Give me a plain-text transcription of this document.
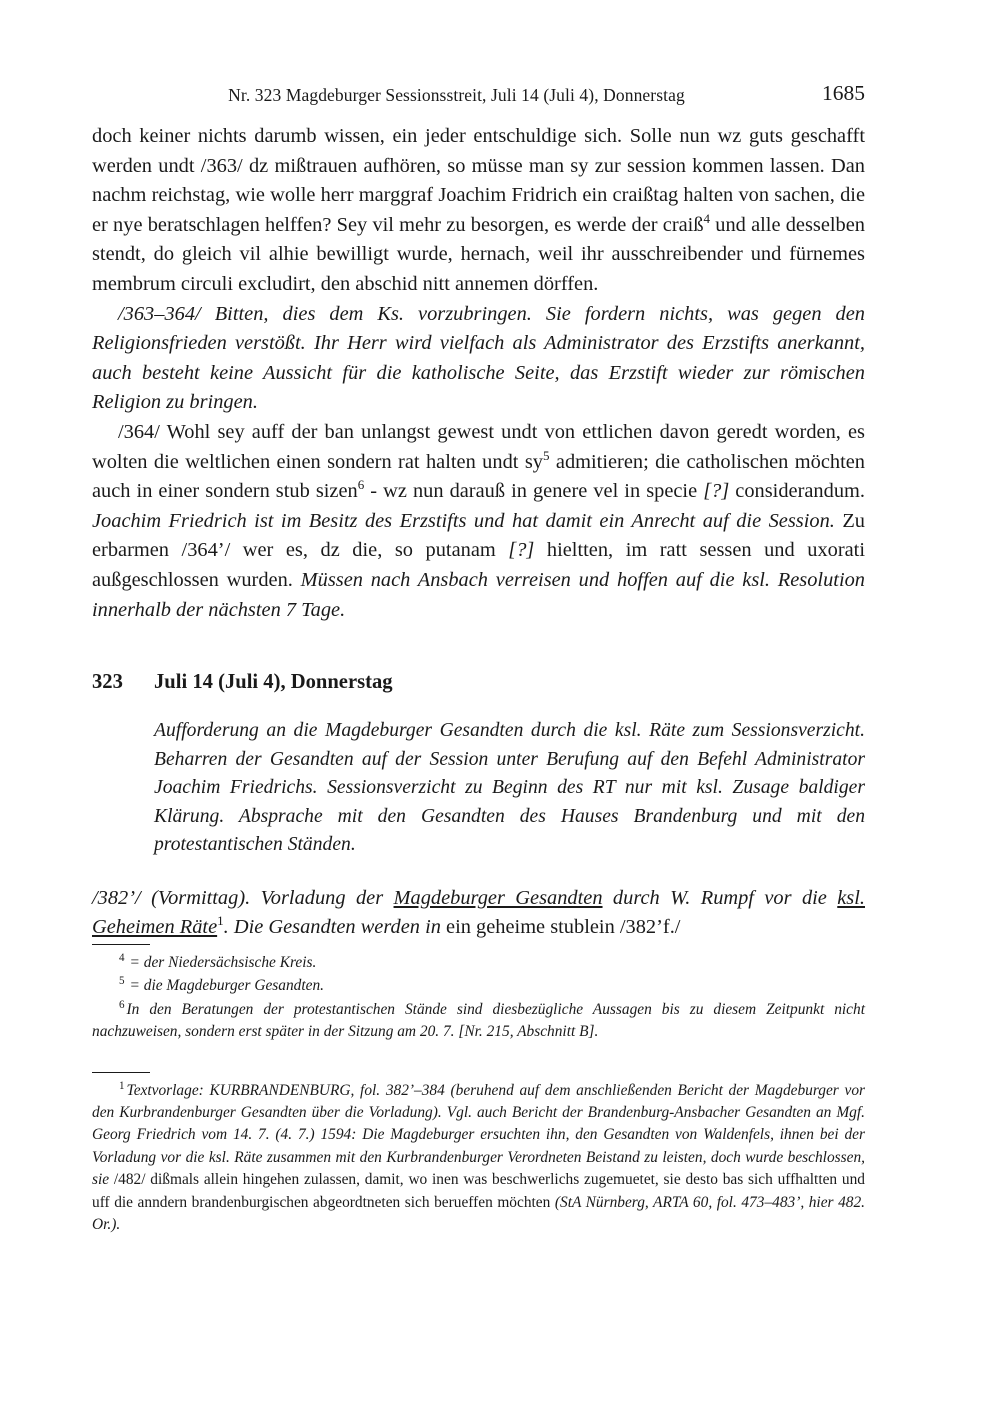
Nr. 323 Magdeburger Sessionsstreit, Juli 14 (Juli 4), Donnerstag	1685

doch keiner nichts darumb wissen, ein jeder entschuldige sich. Solle nun wz guts geschafft werden undt /363/ dz mißtrauen aufhören, so müsse man sy zur session kommen lassen. Dan nachm reichstag, wie wolle herr marggraf Joachim Fridrich ein craißtag halten von sachen, die er nye beratschlagen helffen? Sey vil mehr zu besorgen, es werde der craiß$^4$ und alle desselben stendt, do gleich vil alhie bewilligt wurde, hernach, weil ihr ausschreibender und fürnemes membrum circuli excludirt, den abschid nitt annemen dörffen.

/363–364/ Bitten, dies dem Ks. vorzubringen. Sie fordern nichts, was gegen den Religionsfrieden verstößt. Ihr Herr wird vielfach als Administrator des Erzstifts anerkannt, auch besteht keine Aussicht für die katholische Seite, das Erzstift wieder zur römischen Religion zu bringen.

/364/ Wohl sey auff der ban unlangst gewest undt von ettlichen davon geredt worden, es wolten die weltlichen einen sondern rat halten undt $sy^5$ admitieren; die catholischen möchten auch in einer sondern stub sizen$^6$ - wz nun darauß in genere vel in specie [?] considerandum. Joachim Friedrich ist im Besitz des Erzstifts und hat damit ein Anrecht auf die Session. Zu erbarmen /364’/ wer es, dz die, so putanam [?] hieltten, im ratt sessen und uxorati außgeschlossen wurden. Müssen nach Ansbach verreisen und hoffen auf die ksl. Resolution innerhalb der nächsten 7 Tage.

323	Juli 14 (Juli 4), Donnerstag
Aufforderung an die Magdeburger Gesandten durch die ksl. Räte zum Sessionsverzicht. Beharren der Gesandten auf der Session unter Berufung auf den Befehl Administrator Joachim Friedrichs. Sessionsverzicht zu Beginn des RT nur mit ksl. Zusage baldiger Klärung. Absprache mit den Gesandten des Hauses Brandenburg und mit den protestantischen Ständen.

/382’/ (Vormittag). Vorladung der Magdeburger Gesandten durch W. Rumpf vor die ksl. Geheimen Räte$^1$. Die Gesandten werden in ein geheime stublein /382’f./

$^4$ = der Niedersächsische Kreis.

$^5$ = die Magdeburger Gesandten.

$^6$ In den Beratungen der protestantischen Stände sind diesbezügliche Aussagen bis zu diesem Zeitpunkt nicht nachzuweisen, sondern erst später in der Sitzung am 20. 7. [Nr. 215, Abschnitt B].

$^1$ Textvorlage: KURBRANDENBURG, fol. 382’–384 (beruhend auf dem anschließenden Bericht der Magdeburger vor den Kurbrandenburger Gesandten über die Vorladung). Vgl. auch Bericht der Brandenburg-Ansbacher Gesandten an Mgf. Georg Friedrich vom 14. 7. (4. 7.) 1594: Die Magdeburger ersuchten ihn, den Gesandten von Waldenfels, ihnen bei der Vorladung vor die ksl. Räte zusammen mit den Kurbrandenburger Verordneten Beistand zu leisten, doch wurde beschlossen, sie /482/ dißmals allein hingehen zulassen, damit, wo inen was beschwerlichs zugemuetet, sie desto bas sich uffhaltten und uff die anndern brandenburgischen abgeordtneten sich berueffen möchten (StA Nürnberg, ARTA 60, fol. 473–483’, hier 482. Or.).
